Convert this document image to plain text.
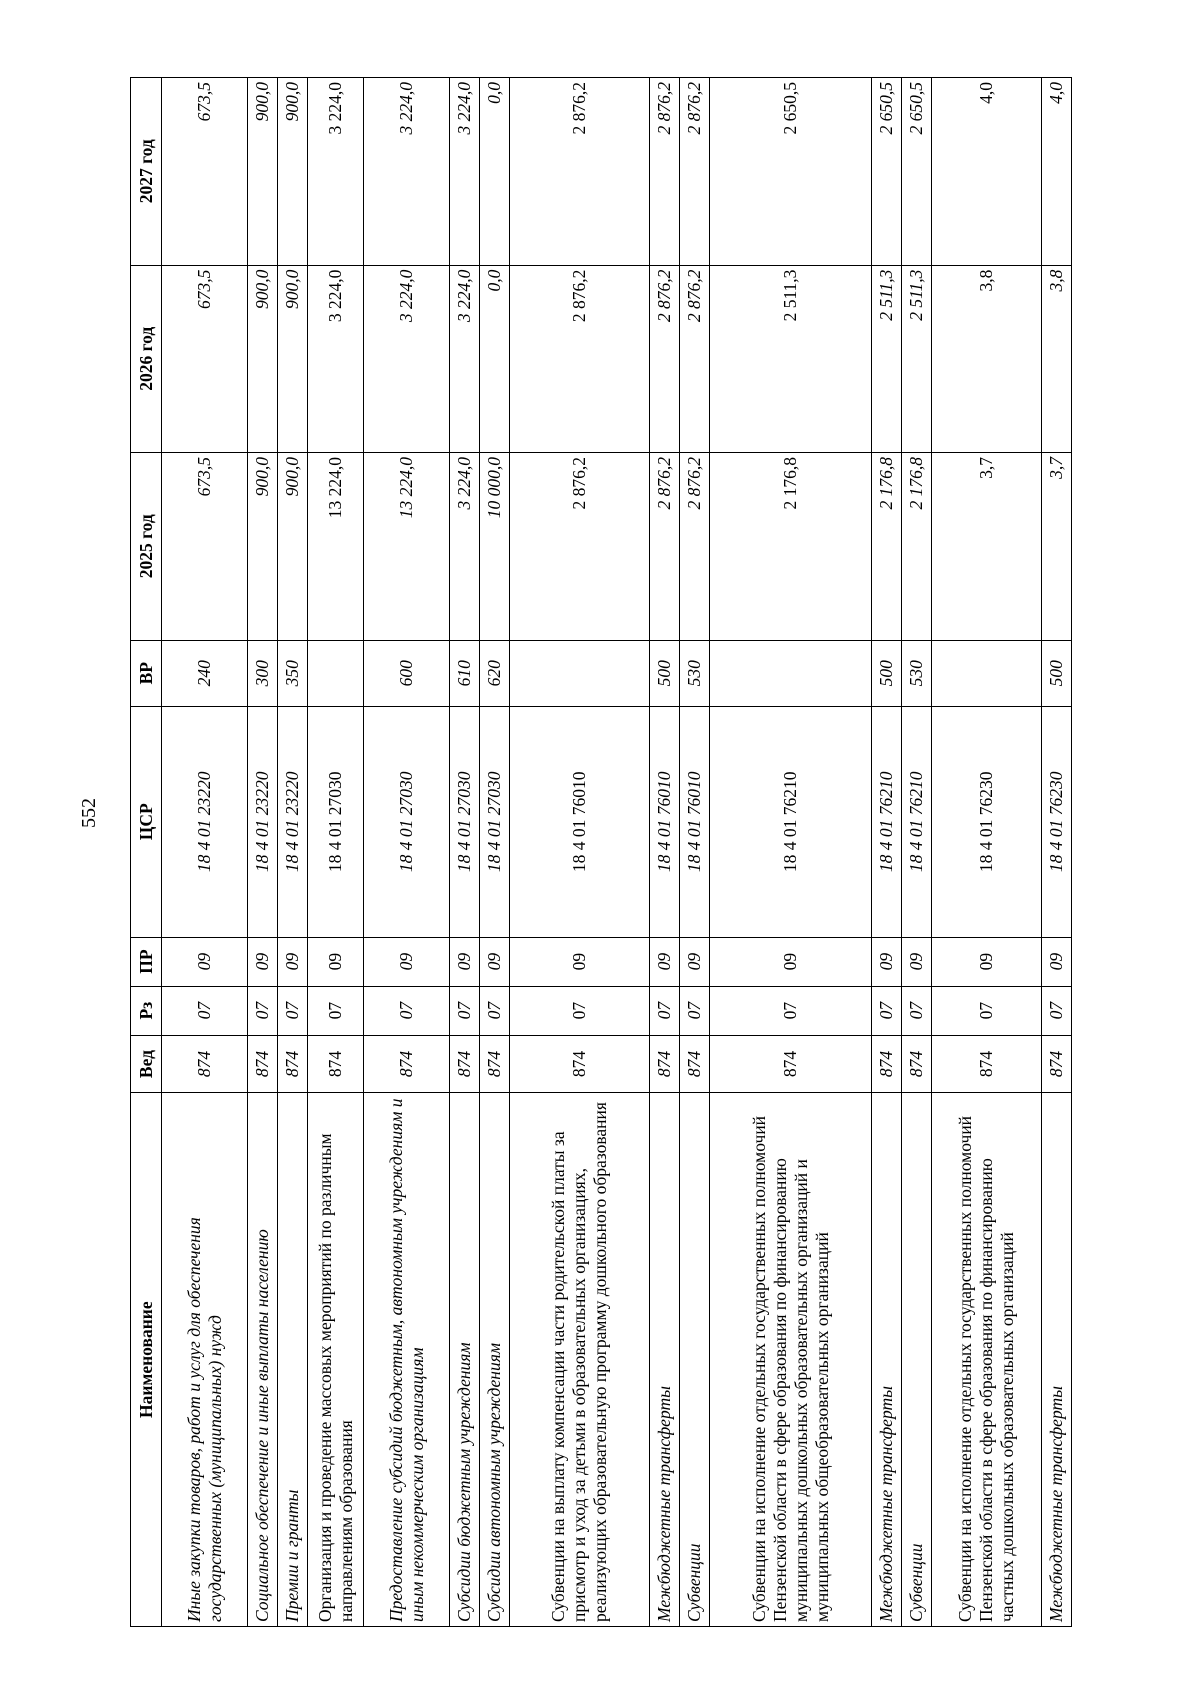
552
Наименование	Вед	Рз	ПР	ЦСР	ВР	2025 год	2026 год	2027 год
Иные закупки товаров, работ и услуг для обеспечения государственных (муниципальных) нужд	874	07	09	18 4 01 23220	240	673,5	673,5	673,5
Социальное обеспечение и иные выплаты населению	874	07	09	18 4 01 23220	300	900,0	900,0	900,0
Премии и гранты	874	07	09	18 4 01 23220	350	900,0	900,0	900,0
Организация и проведение массовых мероприятий по различным направлениям образования	874	07	09	18 4 01 27030		13 224,0	3 224,0	3 224,0
Предоставление субсидий бюджетным, автономным учреждениям и иным некоммерческим организациям	874	07	09	18 4 01 27030	600	13 224,0	3 224,0	3 224,0
Субсидии бюджетным учреждениям	874	07	09	18 4 01 27030	610	3 224,0	3 224,0	3 224,0
Субсидии автономным учреждениям	874	07	09	18 4 01 27030	620	10 000,0	0,0	0,0
Субвенции на выплату компенсации части родительской платы за присмотр и уход за детьми в образовательных организациях, реализующих образовательную программу дошкольного образования	874	07	09	18 4 01 76010		2 876,2	2 876,2	2 876,2
Межбюджетные трансферты	874	07	09	18 4 01 76010	500	2 876,2	2 876,2	2 876,2
Субвенции	874	07	09	18 4 01 76010	530	2 876,2	2 876,2	2 876,2
Субвенции на исполнение отдельных государственных полномочий Пензенской области в сфере образования по финансированию муниципальных дошкольных образовательных организаций и муниципальных общеобразовательных организаций	874	07	09	18 4 01 76210		2 176,8	2 511,3	2 650,5
Межбюджетные трансферты	874	07	09	18 4 01 76210	500	2 176,8	2 511,3	2 650,5
Субвенции	874	07	09	18 4 01 76210	530	2 176,8	2 511,3	2 650,5
Субвенции на исполнение отдельных государственных полномочий Пензенской области в сфере образования по финансированию частных дошкольных образовательных организаций	874	07	09	18 4 01 76230		3,7	3,8	4,0
Межбюджетные трансферты	874	07	09	18 4 01 76230	500	3,7	3,8	4,0
